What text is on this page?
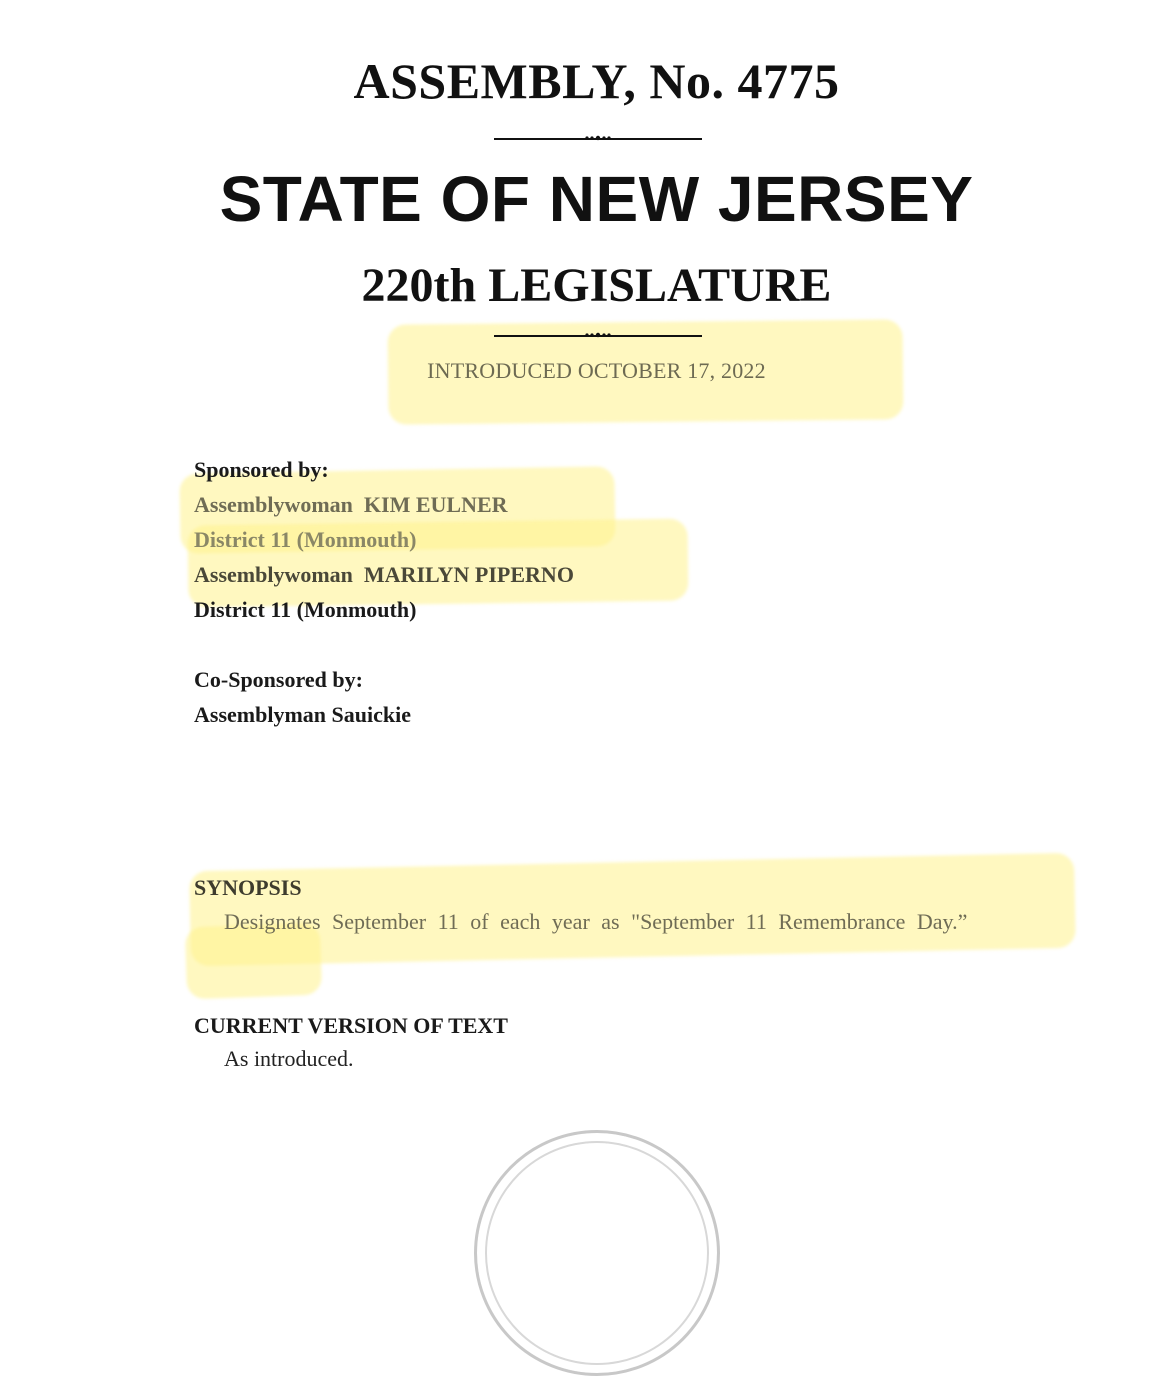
ASSEMBLY, No. 4775
STATE OF NEW JERSEY
220th LEGISLATURE
INTRODUCED OCTOBER 17, 2022
Sponsored by:
Assemblywoman  KIM EULNER
District 11 (Monmouth)
Assemblywoman  MARILYN PIPERNO
District 11 (Monmouth)
Co-Sponsored by:
Assemblyman Sauickie
SYNOPSIS
Designates September 11 of each year as "September 11 Remembrance Day.”
CURRENT VERSION OF TEXT
As introduced.
